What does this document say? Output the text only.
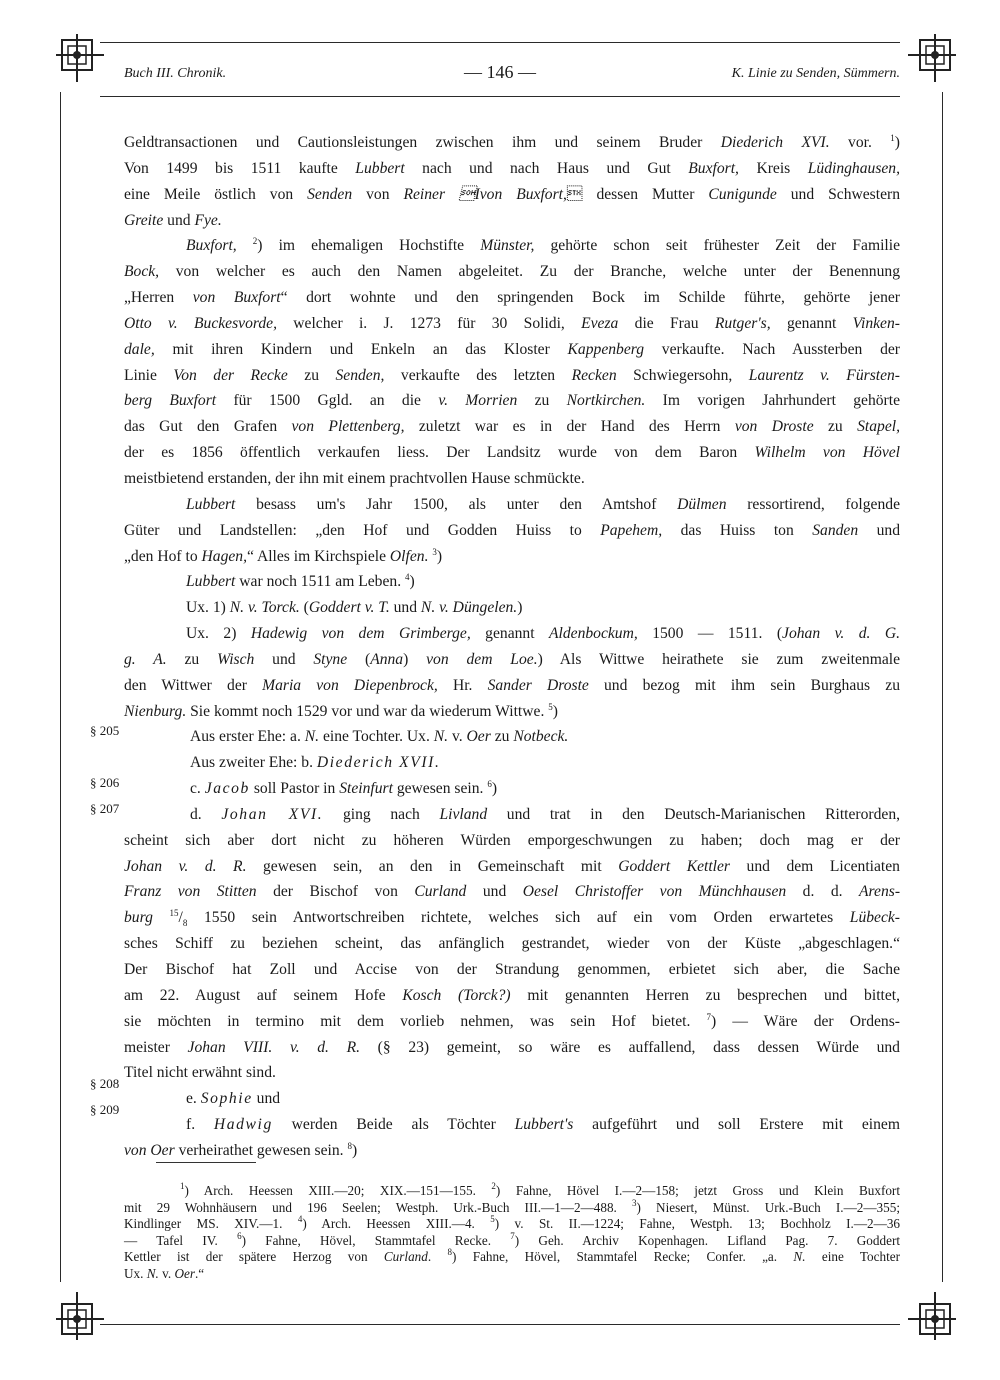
Buch III. Chronik.	— 146 —	K. Linie zu Senden, Sümmern.
§ 205
§ 206
§ 207
§ 208
§ 209
Geldtransactionen und Cautionsleistungen zwischen ihm und seinem Bruder Diederich XVI. vor. $^1$)
Von 1499 bis 1511 kaufte Lubbert nach und nach Haus und Gut Buxfort, Kreis Lüdinghausen,
eine Meile östlich von Senden von Reiner Ivon Buxfort, dessen Mutter Cunigunde und Schwestern
Greite und Fye.
Buxfort, $^2$) im ehemaligen Hochstifte Münster, gehörte schon seit frühester Zeit der Familie
Bock, von welcher es auch den Namen abgeleitet. Zu der Branche, welche unter der Benennung
„Herren von Buxfort“ dort wohnte und den springenden Bock im Schilde führte, gehörte jener
Otto v. Buckesvorde, welcher i. J. 1273 für 30 Solidi, Eveza die Frau Rutger's, genannt Vinken-
dale, mit ihren Kindern und Enkeln an das Kloster Kappenberg verkaufte. Nach Aussterben der
Linie Von der Recke zu Senden, verkaufte des letzten Recken Schwiegersohn, Laurentz v. Fürsten-
berg Buxfort für 1500 Ggld. an die v. Morrien zu Nortkirchen. Im vorigen Jahrhundert gehörte
das Gut den Grafen von Plettenberg, zuletzt war es in der Hand des Herrn von Droste zu Stapel,
der es 1856 öffentlich verkaufen liess. Der Landsitz wurde von dem Baron Wilhelm von Hövel
meistbietend erstanden, der ihn mit einem prachtvollen Hause schmückte.
Lubbert besass um's Jahr 1500, als unter den Amtshof Dülmen ressortirend, folgende
Güter und Landstellen: „den Hof und Godden Huiss to Papehem, das Huiss ton Sanden und
„den Hof to Hagen,“ Alles im Kirchspiele Olfen. $^3$)
Lubbert war noch 1511 am Leben. $^4$)
Ux. 1) N. v. Torck. (Goddert v. T. und N. v. Düngelen.)
Ux. 2) Hadewig von dem Grimberge, genannt Aldenbockum, 1500 — 1511. (Johan v. d. G.
g. A. zu Wisch und Styne (Anna) von dem Loe.) Als Wittwe heirathete sie zum zweitenmale
den Wittwer der Maria von Diepenbrock, Hr. Sander Droste und bezog mit ihm sein Burghaus zu
Nienburg. Sie kommt noch 1529 vor und war da wiederum Wittwe. $^5$)
Aus erster Ehe: a. N. eine Tochter. Ux. N. v. Oer zu Notbeck.
Aus zweiter Ehe: b. Diederich XVII.
c. Jacob soll Pastor in Steinfurt gewesen sein. $^6$)
d. Johan XVI. ging nach Livland und trat in den Deutsch-Marianischen Ritterorden,
scheint sich aber dort nicht zu höheren Würden emporgeschwungen zu haben; doch mag er der
Johan v. d. R. gewesen sein, an den in Gemeinschaft mit Goddert Kettler und dem Licentiaten
Franz von Stitten der Bischof von Curland und Oesel Christoffer von Münchhausen d. d. Arens-
burg $^{15}/_8$ 1550 sein Antwortschreiben richtete, welches sich auf ein vom Orden erwartetes Lübeck-
sches Schiff zu beziehen scheint, das anfänglich gestrandet, wieder von der Küste „abgeschlagen.“
Der Bischof hat Zoll und Accise von der Strandung genommen, erbietet sich aber, die Sache
am 22. August auf seinem Hofe Kosch (Torck?) mit genannten Herren zu besprechen und bittet,
sie möchten in termino mit dem vorlieb nehmen, was sein Hof bietet. $^7$) — Wäre der Ordens-
meister Johan VIII. v. d. R. (§ 23) gemeint, so wäre es auffallend, dass dessen Würde und
Titel nicht erwähnt sind.
e. Sophie und
f. Hadwig werden Beide als Töchter Lubbert's aufgeführt und soll Erstere mit einem
von Oer verheirathet gewesen sein. $^8$)
$^1$) Arch. Heessen XIII.—20; XIX.—151—155. $^2$) Fahne, Hövel I.—2—158; jetzt Gross und Klein Buxfort
mit 29 Wohnhäusern und 196 Seelen; Westph. Urk.-Buch III.—1—2—488. $^3$) Niesert, Münst. Urk.-Buch I.—2—355;
Kindlinger MS. XIV.—1. $^4$) Arch. Heessen XIII.—4. $^5$) v. St. II.—1224; Fahne, Westph. 13; Bochholz I.—2—36
— Tafel IV. $^6$) Fahne, Hövel, Stammtafel Recke. $^7$) Geh. Archiv Kopenhagen. Lifland Pag. 7. Goddert
Kettler ist der spätere Herzog von Curland. $^8$) Fahne, Hövel, Stammtafel Recke; Confer. „a. N. eine Tochter
Ux. N. v. Oer.“
